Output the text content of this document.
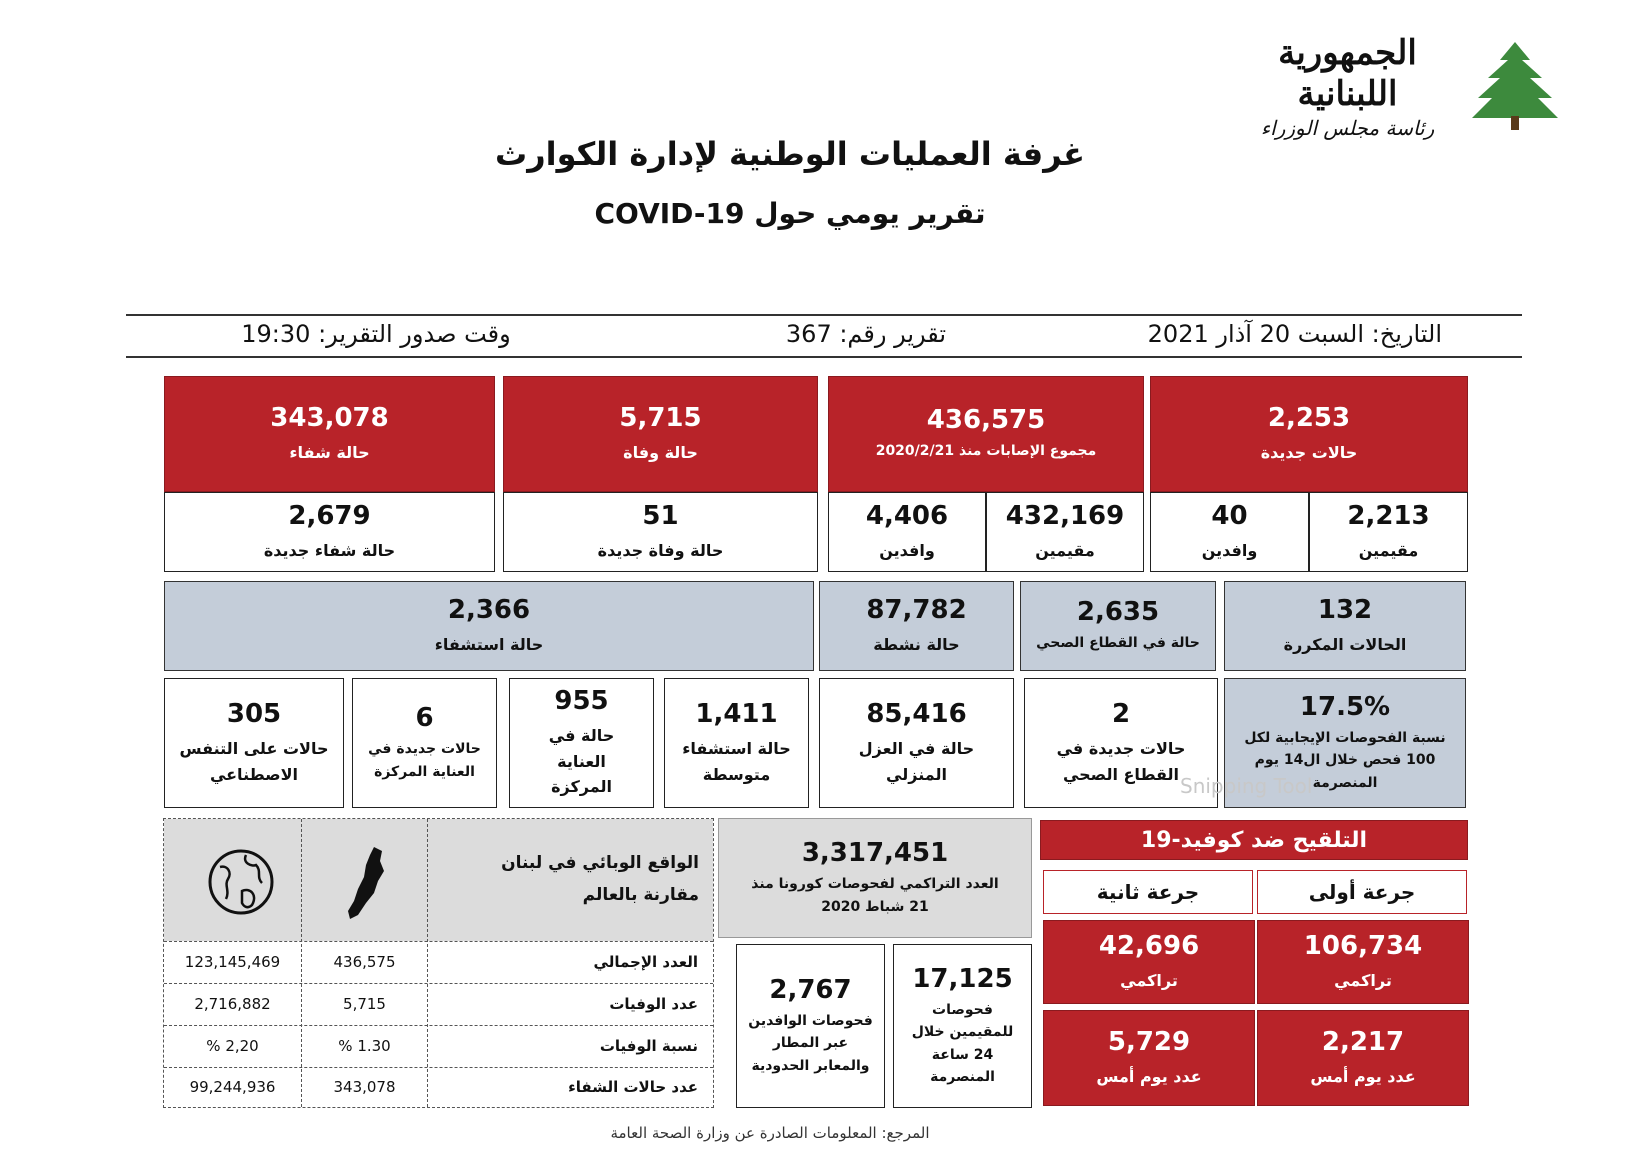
الجمهورية اللبنانية
رئاسة مجلس الوزراء
غرفة العمليات الوطنية لإدارة الكوارث
تقرير يومي حول COVID-19
التاريخ: السبت 20 آذار 2021
تقرير رقم: 367
وقت صدور التقرير: 19:30
2,253
حالات جديدة
2,213
مقيمين
40
وافدين
436,575
مجموع الإصابات منذ 2020/2/21
432,169
مقيمين
4,406
وافدين
5,715
حالة وفاة
51
حالة وفاة جديدة
343,078
حالة شفاء
2,679
حالة شفاء جديدة
132
الحالات المكررة
2,635
حالة في القطاع الصحي
87,782
حالة نشطة
2,366
حالة استشفاء
17.5%
نسبة الفحوصات الإيجابية لكل 100 فحص خلال ال14 يوم المنصرمة
2
حالات جديدة في القطاع الصحي
85,416
حالة في العزل المنزلي
1,411
حالة استشفاء متوسطة
955
حالة في العناية المركزة
6
حالات جديدة في العناية المركزة
305
حالات على التنفس الاصطناعي	Snipping Tool
التلقيح ضد كوفيد-19
جرعة أولى
جرعة ثانية
106,734
تراكمي
42,696
تراكمي
2,217
عدد يوم أمس
5,729
عدد يوم أمس
3,317,451
العدد التراكمي لفحوصات كورونا منذ 21 شباط 2020
17,125
فحوصات للمقيمين خلال 24 ساعة المنصرمة
2,767
فحوصات الوافدين عبر المطار والمعابر الحدودية
الواقع الوبائي في لبنان مقارنة بالعالم
العدد الإجمالي
436,575
123,145,469
عدد الوفيات
5,715
2,716,882
نسبة الوفيات
1.30 %
2,20 %
عدد حالات الشفاء
343,078
99,244,936
المرجع: المعلومات الصادرة عن وزارة الصحة العامة
